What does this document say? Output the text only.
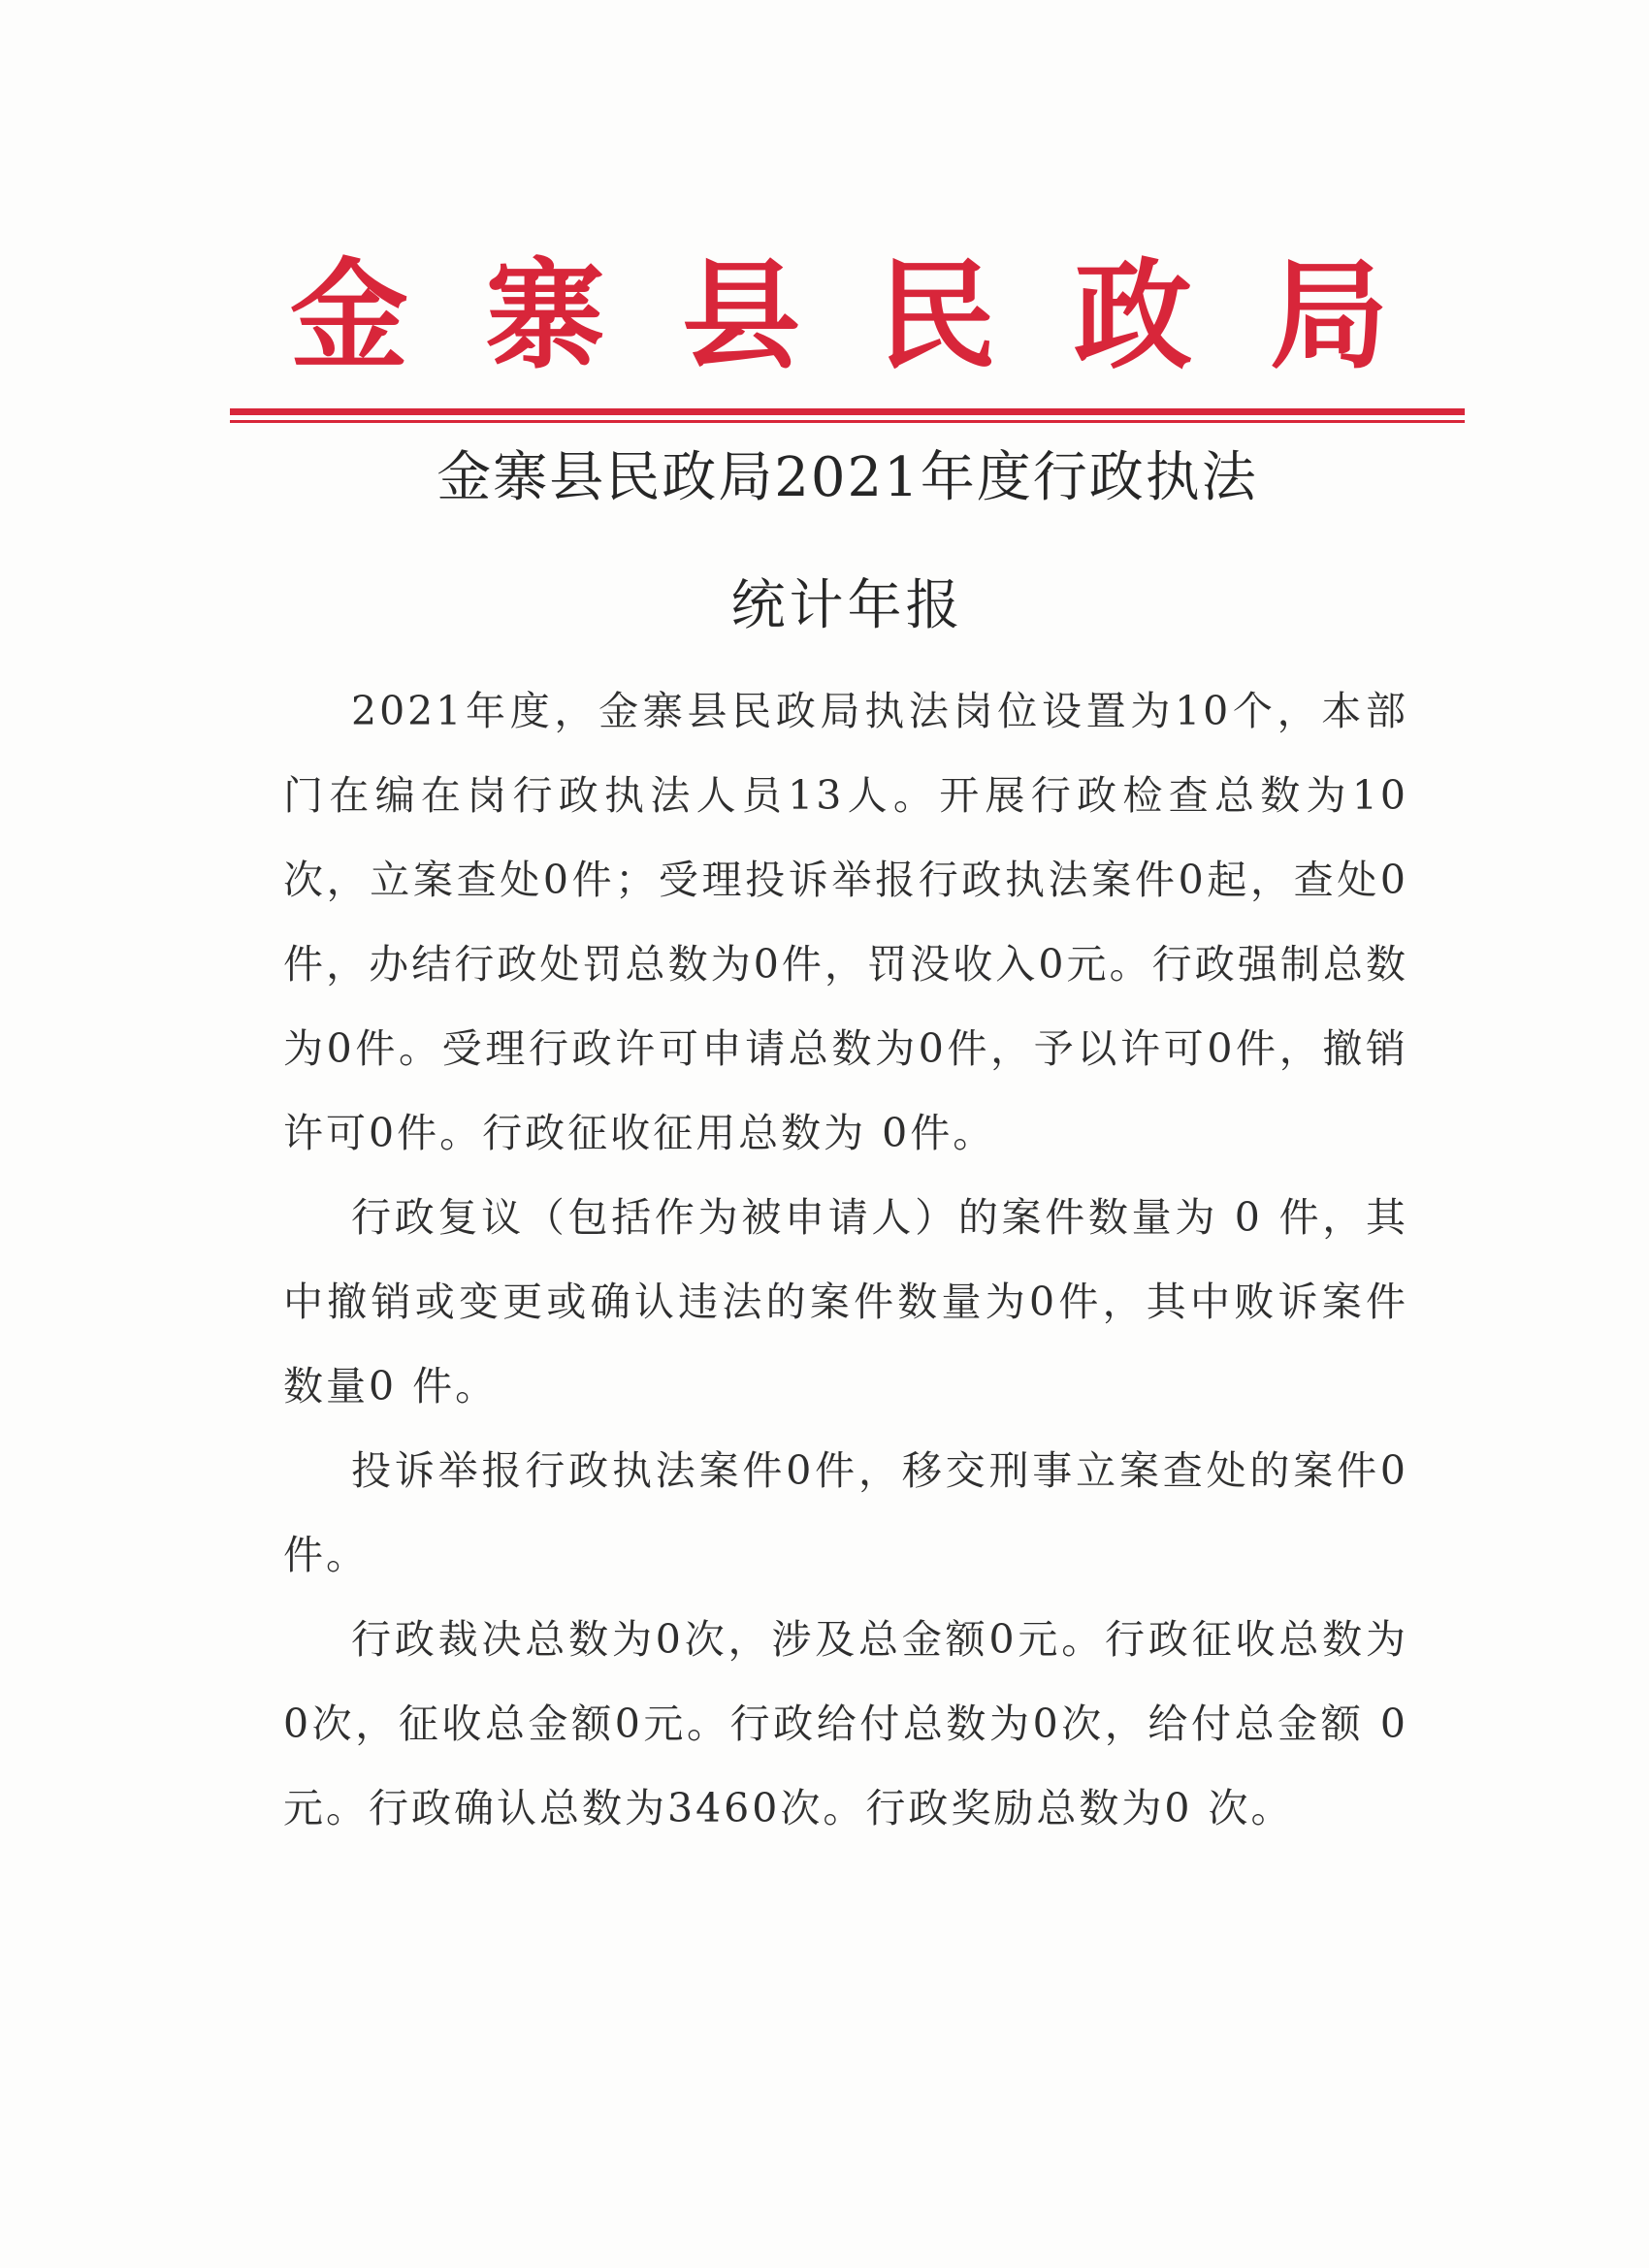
金 寨 县 民 政 局
金寨县民政局2021年度行政执法
统计年报

2021年度，金寨县民政局执法岗位设置为10个，本部门在编在岗行政执法人员13人。开展行政检查总数为10次，立案查处0件；受理投诉举报行政执法案件0起，查处0件，办结行政处罚总数为0件，罚没收入0元。行政强制总数为0件。受理行政许可申请总数为0件，予以许可0件，撤销许可0件。行政征收征用总数为 0件。

行政复议（包括作为被申请人）的案件数量为 0 件，其中撤销或变更或确认违法的案件数量为0件，其中败诉案件数量0 件。

投诉举报行政执法案件0件，移交刑事立案查处的案件0件。

行政裁决总数为0次，涉及总金额0元。行政征收总数为0次，征收总金额0元。行政给付总数为0次，给付总金额 0元。行政确认总数为3460次。行政奖励总数为0 次。
